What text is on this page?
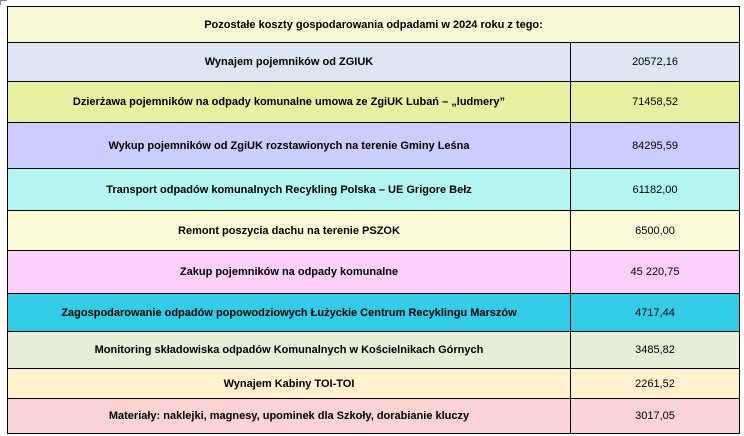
Pozostałe koszty gospodarowania odpadami w 2024 roku z tego:	
Wynajem pojemników od ZGIUK	20572,16
Dzierżawa pojemników na odpady komunalne umowa ze ZgiUK Lubań – „ludmery”	71458,52
Wykup pojemników od ZgiUK rozstawionych na terenie Gminy Leśna	84295,59
Transport odpadów komunalnych Recykling Polska – UE Grigore Bełz	61182,00
Remont poszycia dachu na terenie PSZOK	6500,00
Zakup pojemników na odpady komunalne	45 220,75
Zagospodarowanie odpadów popowodziowych Łużyckie Centrum Recyklingu Marszów	4717,44
Monitoring składowiska odpadów Komunalnych w Kościelnikach Górnych	3485,82
Wynajem Kabiny TOI-TOI	2261,52
Materiały: naklejki, magnesy, upominek dla Szkoły, dorabianie kluczy	3017,05
